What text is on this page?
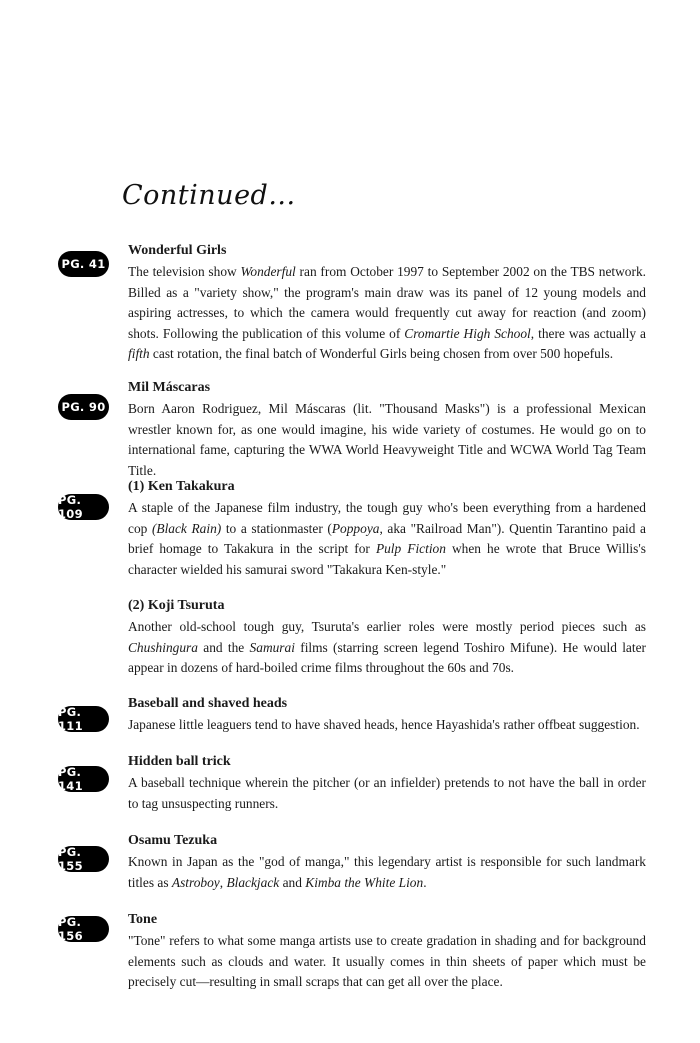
Continued...
PG. 41
Wonderful Girls

The television show Wonderful ran from October 1997 to September 2002 on the TBS network. Billed as a "variety show," the program's main draw was its panel of 12 young models and aspiring actresses, to which the camera would frequently cut away for reaction (and zoom) shots. Following the publication of this volume of Cromartie High School, there was actually a fifth cast rotation, the final batch of Wonderful Girls being chosen from over 500 hopefuls.

PG. 90
Mil Máscaras

Born Aaron Rodriguez, Mil Máscaras (lit. "Thousand Masks") is a professional Mexican wrestler known for, as one would imagine, his wide variety of costumes. He would go on to international fame, capturing the WWA World Heavyweight Title and WCWA World Tag Team Title.

PG. 109
(1) Ken Takakura

A staple of the Japanese film industry, the tough guy who's been everything from a hardened cop (Black Rain) to a stationmaster (Poppoya, aka "Railroad Man"). Quentin Tarantino paid a brief homage to Takakura in the script for Pulp Fiction when he wrote that Bruce Willis's character wielded his samurai sword "Takakura Ken-style."

(2) Koji Tsuruta

Another old-school tough guy, Tsuruta's earlier roles were mostly period pieces such as Chushingura and the Samurai films (starring screen legend Toshiro Mifune). He would later appear in dozens of hard-boiled crime films throughout the 60s and 70s.

PG. 111
Baseball and shaved heads

Japanese little leaguers tend to have shaved heads, hence Hayashida's rather offbeat suggestion.

PG. 141
Hidden ball trick

A baseball technique wherein the pitcher (or an infielder) pretends to not have the ball in order to tag unsuspecting runners.

PG. 155
Osamu Tezuka

Known in Japan as the "god of manga," this legendary artist is responsible for such landmark titles as Astroboy, Blackjack and Kimba the White Lion.

PG. 156
Tone

"Tone" refers to what some manga artists use to create gradation in shading and for background elements such as clouds and water. It usually comes in thin sheets of paper which must be precisely cut—resulting in small scraps that can get all over the place.
